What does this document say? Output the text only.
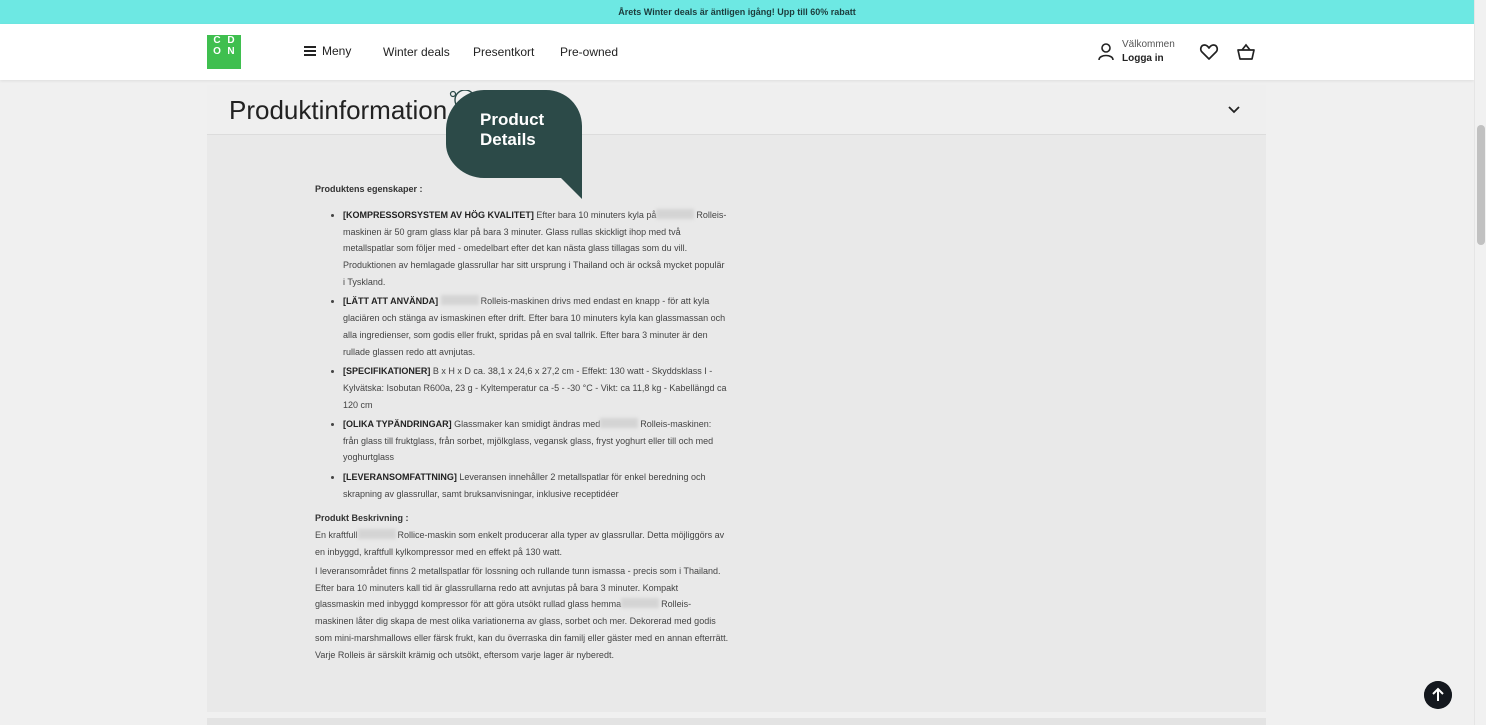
Årets Winter deals är äntligen igång! Upp till 60% rabatt
C D
O N	Meny	Winter deals Presentkort Pre-owned
Välkommen
Logga in
Produktinformation Product
Details
Produktens egenskaper :
• [KOMPRESSORSYSTEM AV HÖG KVALITET] Efter bara 10 minuters kyla på	Rolleis-maskinen är 50 gram glass klar på bara 3 minuter. Glass rullas skickligt ihop med två metallspatlar som följer med - omedelbart efter det kan nästa glass tillagas som du vill. Produktionen av hemlagade glassrullar har sitt ursprung i Thailand och är också mycket populär i Tyskland.
• [LÄTT ATT ANVÄNDA]	Rolleis-maskinen drivs med endast en knapp - för att kyla glaciären och stänga av ismaskinen efter drift. Efter bara 10 minuters kyla kan glassmassan och alla ingredienser, som godis eller frukt, spridas på en sval tallrik. Efter bara 3 minuter är den rullade glassen redo att avnjutas.
• [SPECIFIKATIONER] B x H x D ca. 38,1 x 24,6 x 27,2 cm - Effekt: 130 watt - Skyddsklass I - Kylvätska: Isobutan R600a, 23 g - Kyltemperatur ca -5 - -30 °C - Vikt: ca 11,8 kg - Kabellängd ca 120 cm
• [OLIKA TYPÄNDRINGAR] Glassmaker kan smidigt ändras med	Rolleis-maskinen: från glass till fruktglass, från sorbet, mjölkglass, vegansk glass, fryst yoghurt eller till och med yoghurtglass
• [LEVERANSOMFATTNING] Leveransen innehåller 2 metallspatlar för enkel beredning och skrapning av glassrullar, samt bruksanvisningar, inklusive receptidéer
Produkt Beskrivning :

En kraftfull	Rollice-maskin som enkelt producerar alla typer av glassrullar. Detta möjliggörs av en inbyggd, kraftfull kylkompressor med en effekt på 130 watt.

I leveransområdet finns 2 metallspatlar för lossning och rullande tunn ismassa - precis som i Thailand. Efter bara 10 minuters kall tid är glassrullarna redo att avnjutas på bara 3 minuter. Kompakt glassmaskin med inbyggd kompressor för att göra utsökt rullad glass hemma	Rolleis-maskinen låter dig skapa de mest olika variationerna av glass, sorbet och mer. Dekorerad med godis som mini-marshmallows eller färsk frukt, kan du överraska din familj eller gäster med en annan efterrätt. Varje Rolleis är särskilt krämig och utsökt, eftersom varje lager är nyberedt.
